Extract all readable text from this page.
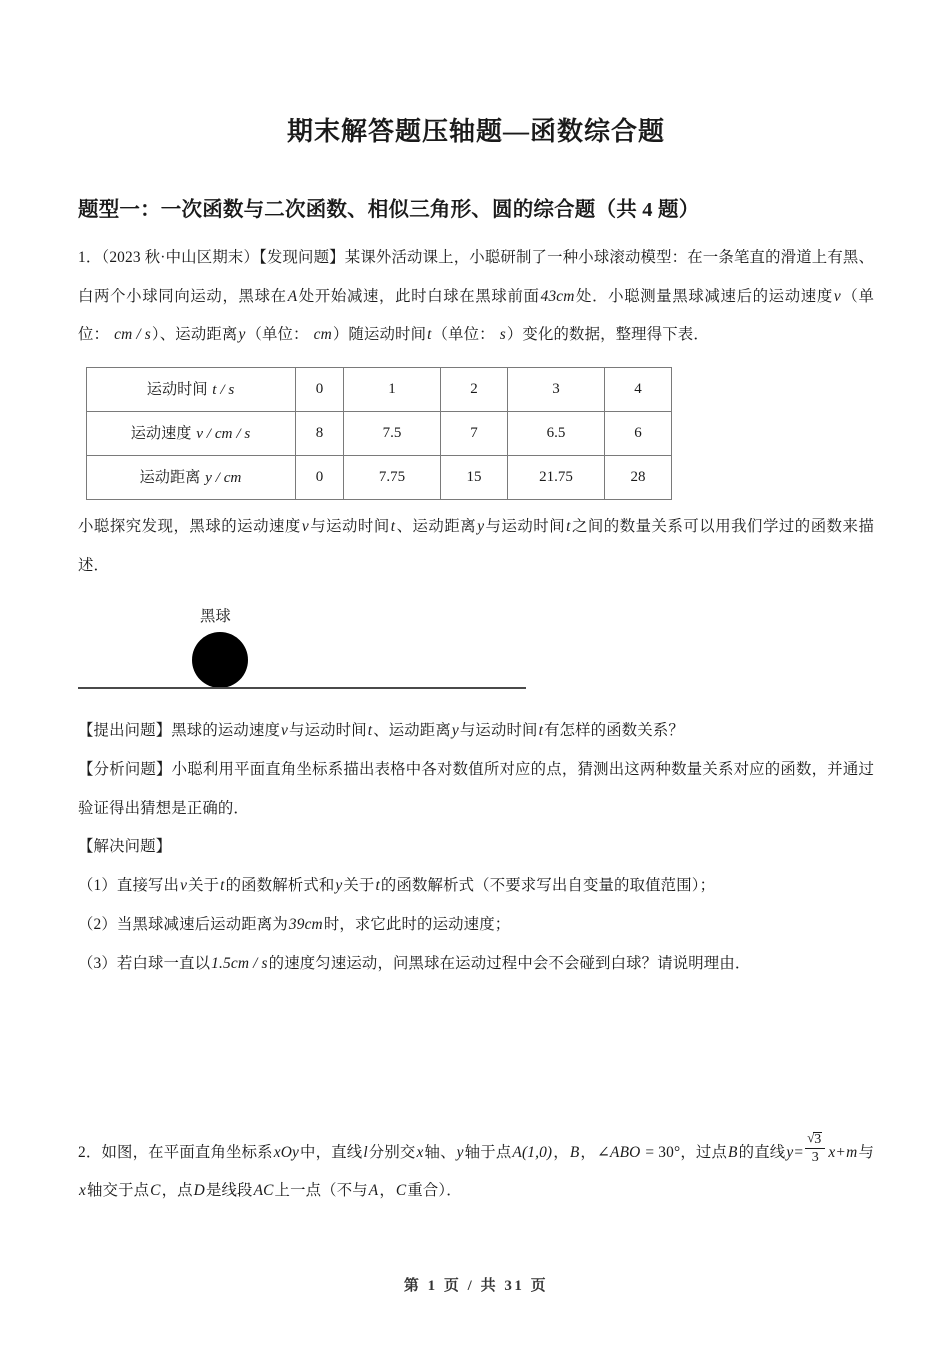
期末解答题压轴题—函数综合题
题型一：一次函数与二次函数、相似三角形、圆的综合题（共 4 题）

1．（2023 秋·中山区期末）【发现问题】某课外活动课上，小聪研制了一种小球滚动模型：在一条笔直的滑道上有黑、白两个小球同向运动，黑球在A处开始减速，此时白球在黑球前面43cm处．小聪测量黑球减速后的运动速度v（单位： cm / s）、运动距离y（单位： cm）随运动时间t（单位： s）变化的数据，整理得下表．

运动时间 t / s	0	1	2	3	4
运动速度 v / cm / s	8	7.5	7	6.5	6
运动距离 y / cm	0	7.75	15	21.75	28

小聪探究发现，黑球的运动速度v与运动时间t、运动距离y与运动时间t之间的数量关系可以用我们学过的函数来描述．

黑球

【提出问题】黑球的运动速度v与运动时间t、运动距离y与运动时间t有怎样的函数关系？

【分析问题】小聪利用平面直角坐标系描出表格中各对数值所对应的点，猜测出这两种数量关系对应的函数，并通过验证得出猜想是正确的．

【解决问题】

（1）直接写出v关于t的函数解析式和y关于t的函数解析式（不要求写出自变量的取值范围）；

（2）当黑球减速后运动距离为39cm时，求它此时的运动速度；

（3）若白球一直以1.5cm / s的速度匀速运动，问黑球在运动过程中会不会碰到白球？请说明理由．

2．如图，在平面直角坐标系xOy中，直线l分别交x轴、y轴于点A(1,0)，B，∠ABO = 30°，过点B的直线y= √ $\frac{3}{3} x+m$与x轴交于点C，点D是线段AC上一点（不与A，C重合）．

第 1 页 / 共 31 页
